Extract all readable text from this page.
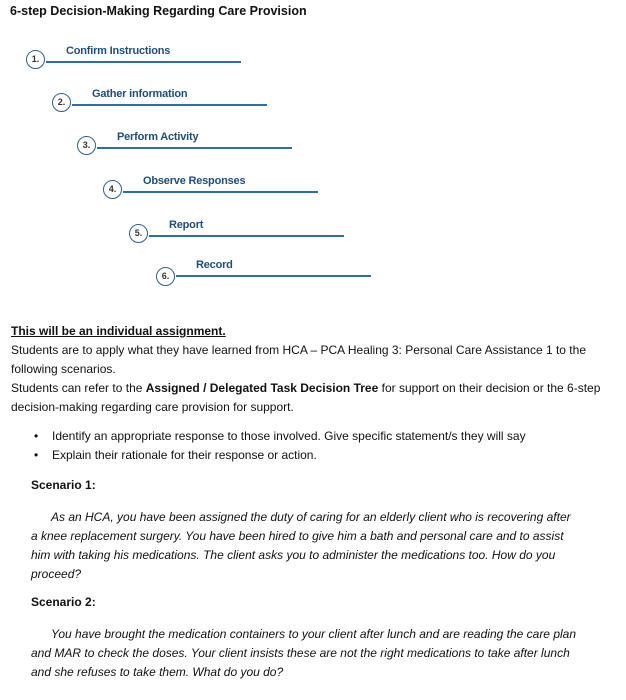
6-step Decision-Making Regarding Care Provision
1.
Confirm Instructions
2.
Gather information
3.
Perform Activity
4.
Observe Responses
5.
Report
6.
Record
This will be an individual assignment.
Students are to apply what they have learned from HCA – PCA Healing 3: Personal Care Assistance 1 to the following scenarios.
Students can refer to the Assigned / Delegated Task Decision Tree for support on their decision or the 6-step decision-making regarding care provision for support.
• Identify an appropriate response to those involved. Give specific statement/s they will say
• Explain their rationale for their response or action.
Scenario 1:
As an HCA, you have been assigned the duty of caring for an elderly client who is recovering after a knee replacement surgery. You have been hired to give him a bath and personal care and to assist him with taking his medications. The client asks you to administer the medications too. How do you proceed?
Scenario 2:
You have brought the medication containers to your client after lunch and are reading the care plan and MAR to check the doses. Your client insists these are not the right medications to take after lunch and she refuses to take them. What do you do?
